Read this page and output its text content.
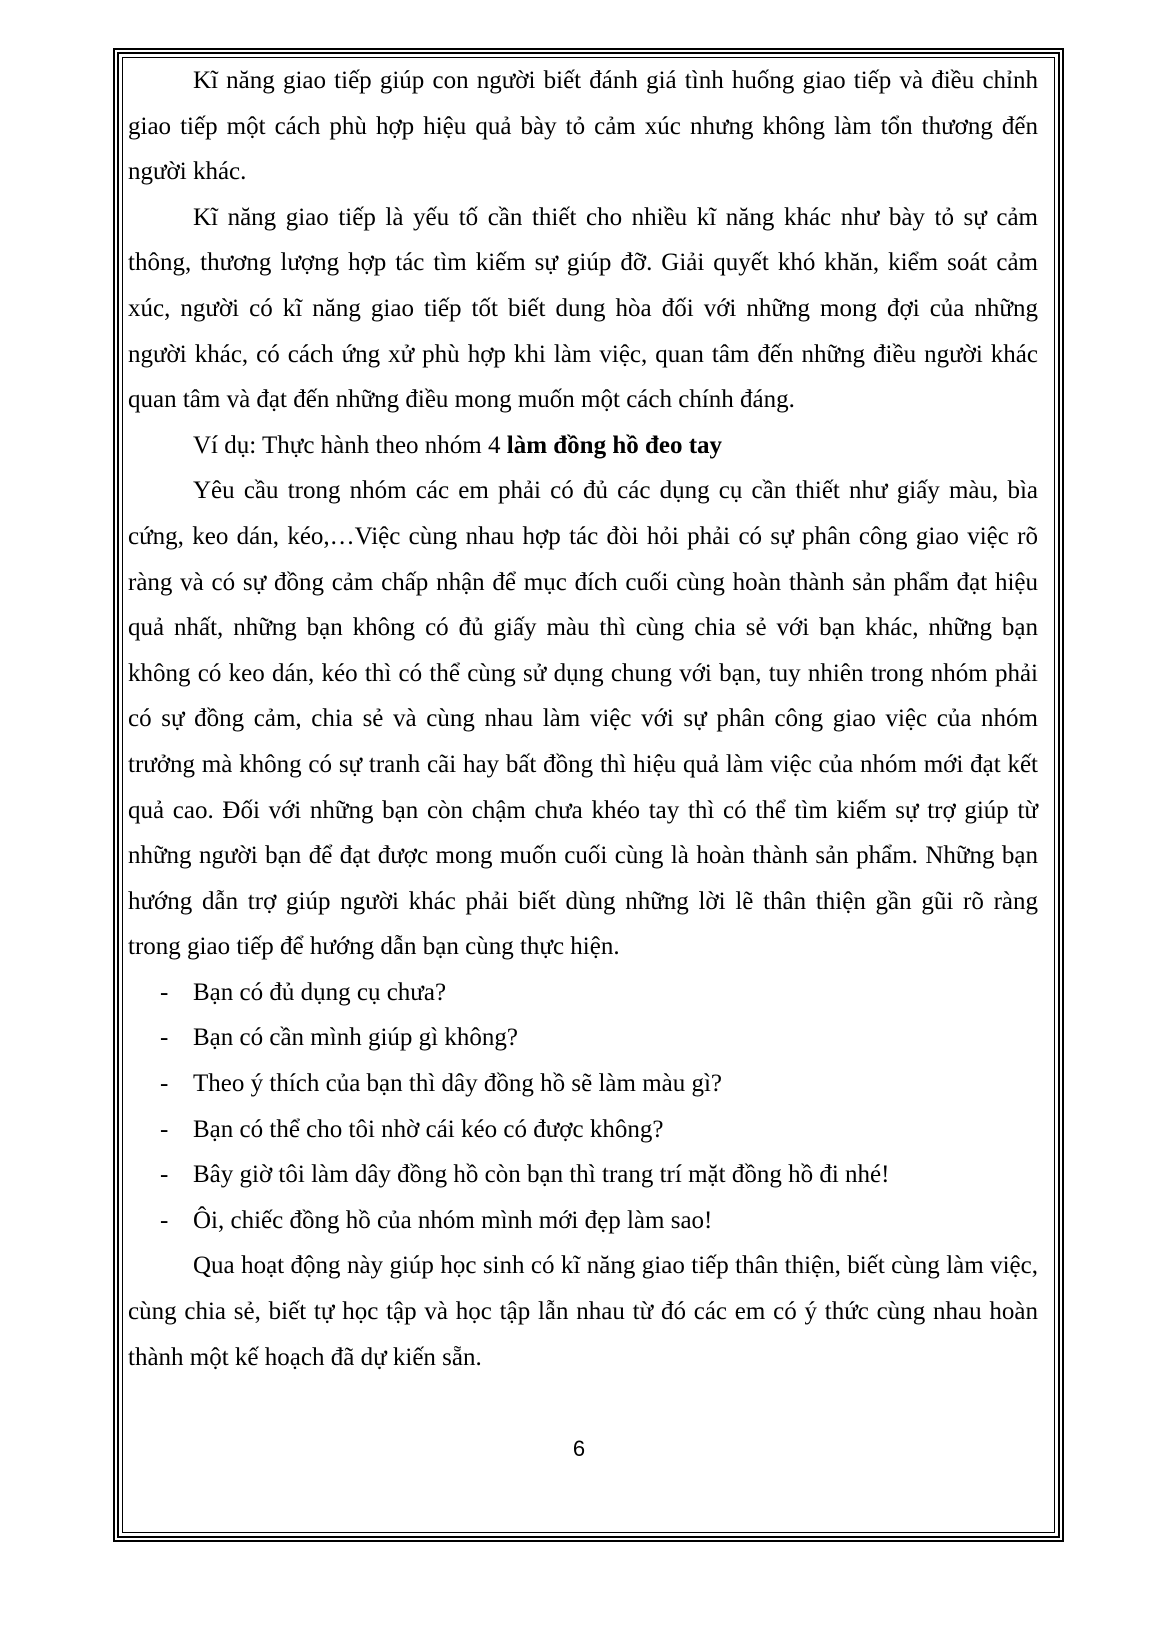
Kĩ năng giao tiếp giúp con người biết đánh giá tình huống giao tiếp và điều chỉnh giao tiếp một cách phù hợp hiệu quả bày tỏ cảm xúc nhưng không làm tổn thương đến người khác.

Kĩ năng giao tiếp là yếu tố cần thiết cho nhiều kĩ năng khác như bày tỏ sự cảm thông, thương lượng hợp tác tìm kiếm sự giúp đỡ. Giải quyết khó khăn, kiểm soát cảm xúc, người có kĩ năng giao tiếp tốt biết dung hòa đối với những mong đợi của những người khác, có cách ứng xử phù hợp khi làm việc, quan tâm đến những điều người khác quan tâm và đạt đến những điều mong muốn một cách chính đáng.

Ví dụ: Thực hành theo nhóm 4 làm đồng hồ đeo tay

Yêu cầu trong nhóm các em phải có đủ các dụng cụ cần thiết như giấy màu, bìa cứng, keo dán, kéo,…Việc cùng nhau hợp tác đòi hỏi phải có sự phân công giao việc rõ ràng và có sự đồng cảm chấp nhận để mục đích cuối cùng hoàn thành sản phẩm đạt hiệu quả nhất, những bạn không có đủ giấy màu thì cùng chia sẻ với bạn khác, những bạn không có keo dán, kéo thì có thể cùng sử dụng chung với bạn, tuy nhiên trong nhóm phải có sự đồng cảm, chia sẻ và cùng nhau làm việc với sự phân công giao việc của nhóm trưởng mà không có sự tranh cãi hay bất đồng thì hiệu quả làm việc của nhóm mới đạt kết quả cao. Đối với những bạn còn chậm chưa khéo tay thì có thể tìm kiếm sự trợ giúp từ những người bạn để đạt được mong muốn cuối cùng là hoàn thành sản phẩm. Những bạn hướng dẫn trợ giúp người khác phải biết dùng những lời lẽ thân thiện gần gũi rõ ràng trong giao tiếp để hướng dẫn bạn cùng thực hiện.

- Bạn có đủ dụng cụ chưa?
- Bạn có cần mình giúp gì không?
- Theo ý thích của bạn thì dây đồng hồ sẽ làm màu gì?
- Bạn có thể cho tôi nhờ cái kéo có được không?
- Bây giờ tôi làm dây đồng hồ còn bạn thì trang trí mặt đồng hồ đi nhé!
- Ôi, chiếc đồng hồ của nhóm mình mới đẹp làm sao!

Qua hoạt động này giúp học sinh có kĩ năng giao tiếp thân thiện, biết cùng làm việc, cùng chia sẻ, biết tự học tập và học tập lẫn nhau từ đó các em có ý thức cùng nhau hoàn thành một kế hoạch đã dự kiến sẵn.

6
